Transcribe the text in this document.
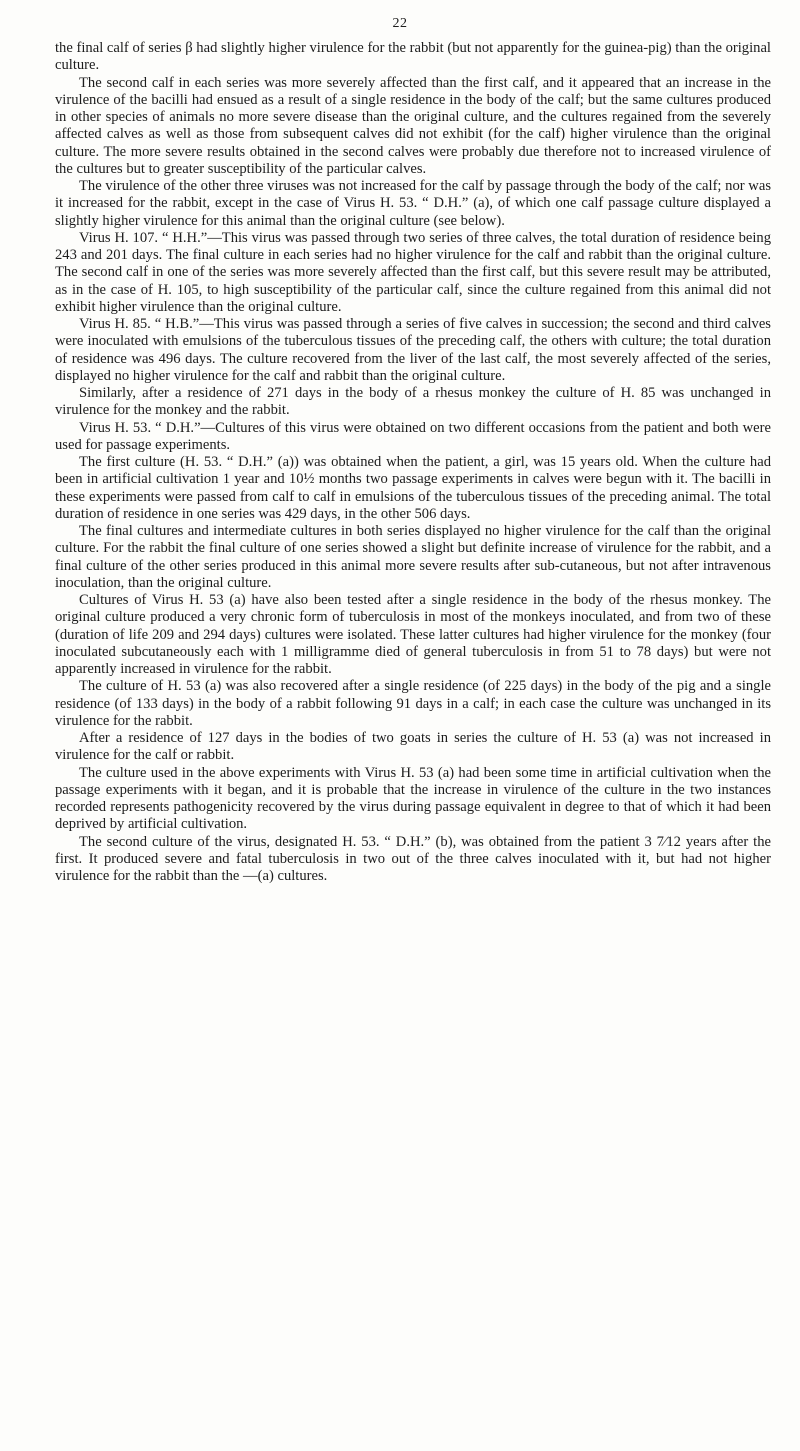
22

the final calf of series β had slightly higher virulence for the rabbit (but not apparently for the guinea-pig) than the original culture.

The second calf in each series was more severely affected than the first calf, and it appeared that an increase in the virulence of the bacilli had ensued as a result of a single residence in the body of the calf; but the same cultures produced in other species of animals no more severe disease than the original culture, and the cultures regained from the severely affected calves as well as those from subsequent calves did not exhibit (for the calf) higher virulence than the original culture. The more severe results obtained in the second calves were probably due therefore not to increased virulence of the cultures but to greater susceptibility of the particular calves.

The virulence of the other three viruses was not increased for the calf by passage through the body of the calf; nor was it increased for the rabbit, except in the case of Virus H. 53. “ D.H.” (a), of which one calf passage culture displayed a slightly higher virulence for this animal than the original culture (see below).

Virus H. 107. “ H.H.”—This virus was passed through two series of three calves, the total duration of residence being 243 and 201 days. The final culture in each series had no higher virulence for the calf and rabbit than the original culture. The second calf in one of the series was more severely affected than the first calf, but this severe result may be attributed, as in the case of H. 105, to high susceptibility of the particular calf, since the culture regained from this animal did not exhibit higher virulence than the original culture.

Virus H. 85. “ H.B.”—This virus was passed through a series of five calves in succession; the second and third calves were inoculated with emulsions of the tuberculous tissues of the preceding calf, the others with culture; the total duration of residence was 496 days. The culture recovered from the liver of the last calf, the most severely affected of the series, displayed no higher virulence for the calf and rabbit than the original culture.

Similarly, after a residence of 271 days in the body of a rhesus monkey the culture of H. 85 was unchanged in virulence for the monkey and the rabbit.

Virus H. 53. “ D.H.”—Cultures of this virus were obtained on two different occasions from the patient and both were used for passage experiments.

The first culture (H. 53. “ D.H.” (a)) was obtained when the patient, a girl, was 15 years old. When the culture had been in artificial cultivation 1 year and 10½ months two passage experiments in calves were begun with it. The bacilli in these experiments were passed from calf to calf in emulsions of the tuberculous tissues of the preceding animal. The total duration of residence in one series was 429 days, in the other 506 days.

The final cultures and intermediate cultures in both series displayed no higher virulence for the calf than the original culture. For the rabbit the final culture of one series showed a slight but definite increase of virulence for the rabbit, and a final culture of the other series produced in this animal more severe results after sub-cutaneous, but not after intravenous inoculation, than the original culture.

Cultures of Virus H. 53 (a) have also been tested after a single residence in the body of the rhesus monkey. The original culture produced a very chronic form of tuberculosis in most of the monkeys inoculated, and from two of these (duration of life 209 and 294 days) cultures were isolated. These latter cultures had higher virulence for the monkey (four inoculated subcutaneously each with 1 milligramme died of general tuberculosis in from 51 to 78 days) but were not apparently increased in virulence for the rabbit.

The culture of H. 53 (a) was also recovered after a single residence (of 225 days) in the body of the pig and a single residence (of 133 days) in the body of a rabbit following 91 days in a calf; in each case the culture was unchanged in its virulence for the rabbit.

After a residence of 127 days in the bodies of two goats in series the culture of H. 53 (a) was not increased in virulence for the calf or rabbit.

The culture used in the above experiments with Virus H. 53 (a) had been some time in artificial cultivation when the passage experiments with it began, and it is probable that the increase in virulence of the culture in the two instances recorded represents pathogenicity recovered by the virus during passage equivalent in degree to that of which it had been deprived by artificial cultivation.

The second culture of the virus, designated H. 53. “ D.H.” (b), was obtained from the patient 3 7⁄12 years after the first. It produced severe and fatal tuberculosis in two out of the three calves inoculated with it, but had not higher virulence for the rabbit than the —(a) cultures.
